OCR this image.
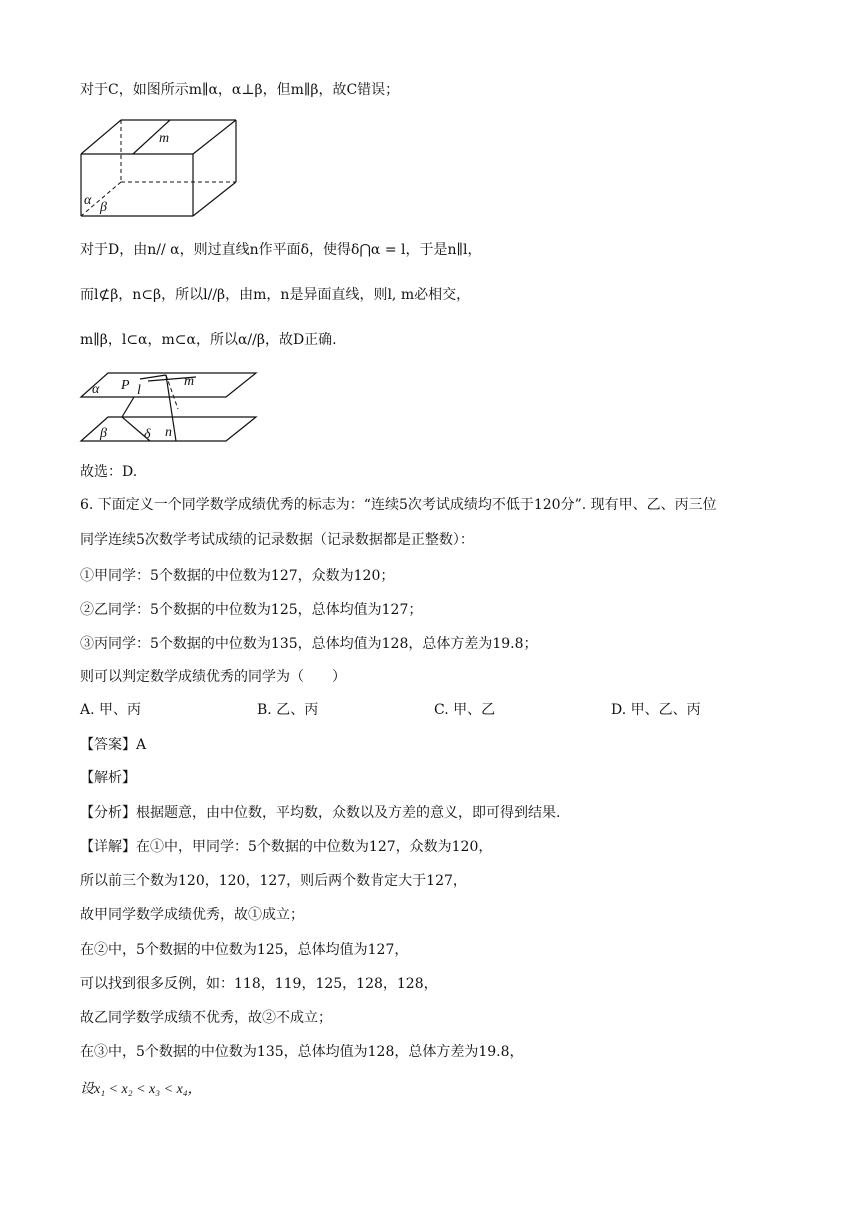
对于C，如图所示m∥α，α⊥β，但m∥β，故C错误；
m
α β
对于D，由n// α，则过直线n作平面δ，使得δ⋂α = l，于是n∥l，
而l⊄β，n⊂β，所以l//β，由m，n是异面直线，则l, m必相交，
m∥β，l⊂α，m⊂α，所以α//β，故D正确.
α P l
m
β	δ n
故选：D.
6. 下面定义一个同学数学成绩优秀的标志为：“连续5次考试成绩均不低于120分”. 现有甲、乙、丙三位
同学连续5次数学考试成绩的记录数据（记录数据都是正整数）：
①甲同学：5个数据的中位数为127，众数为120；
②乙同学：5个数据的中位数为125，总体均值为127；
③丙同学：5个数据的中位数为135，总体均值为128，总体方差为19.8；
则可以判定数学成绩优秀的同学为（　　）
A. 甲、丙	B. 乙、丙	C. 甲、乙	D. 甲、乙、丙
【答案】A
【解析】
【分析】根据题意，由中位数，平均数，众数以及方差的意义，即可得到结果.
【详解】在①中，甲同学：5个数据的中位数为127，众数为120，
所以前三个数为120，120，127，则后两个数肯定大于127，
故甲同学数学成绩优秀，故①成立；
在②中，5个数据的中位数为125，总体均值为127，
可以找到很多反例，如：118，119，125，128，128，
故乙同学数学成绩不优秀，故②不成立；
在③中，5个数据的中位数为135，总体均值为128，总体方差为19.8，
设x₁ < x₂ < x₃ < x₄，
